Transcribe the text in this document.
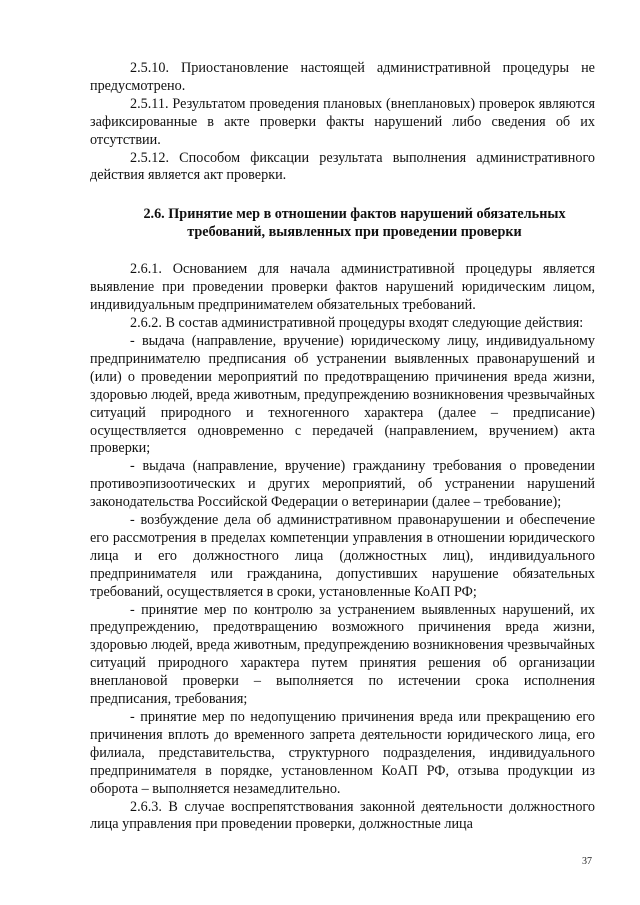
2.5.10. Приостановление настоящей административной процедуры не предусмотрено.

2.5.11. Результатом проведения плановых (внеплановых) проверок являются зафиксированные в акте проверки факты нарушений либо сведения об их отсутствии.

2.5.12. Способом фиксации результата выполнения административного действия является акт проверки.

2.6. Принятие мер в отношении фактов нарушений обязательных требований, выявленных при проведении проверки

2.6.1. Основанием для начала административной процедуры является выявление при проведении проверки фактов нарушений юридическим лицом, индивидуальным предпринимателем обязательных требований.

2.6.2. В состав административной процедуры входят следующие действия:

- выдача (направление, вручение) юридическому лицу, индивидуальному предпринимателю предписания об устранении выявленных правонарушений и (или) о проведении мероприятий по предотвращению причинения вреда жизни, здоровью людей, вреда животным, предупреждению возникновения чрезвычайных ситуаций природного и техногенного характера (далее – предписание) осуществляется одновременно с передачей (направлением, вручением) акта проверки;

- выдача (направление, вручение) гражданину требования о проведении противоэпизоотических и других мероприятий, об устранении нарушений законодательства Российской Федерации о ветеринарии (далее – требование);

- возбуждение дела об административном правонарушении и обеспечение его рассмотрения в пределах компетенции управления в отношении юридического лица и его должностного лица (должностных лиц), индивидуального предпринимателя или гражданина, допустивших нарушение обязательных требований, осуществляется в сроки, установленные КоАП РФ;

- принятие мер по контролю за устранением выявленных нарушений, их предупреждению, предотвращению возможного причинения вреда жизни, здоровью людей, вреда животным, предупреждению возникновения чрезвычайных ситуаций природного характера путем принятия решения об организации внеплановой проверки – выполняется по истечении срока исполнения предписания, требования;

- принятие мер по недопущению причинения вреда или прекращению его причинения вплоть до временного запрета деятельности юридического лица, его филиала, представительства, структурного подразделения, индивидуального предпринимателя в порядке, установленном КоАП РФ, отзыва продукции из оборота – выполняется незамедлительно.

2.6.3. В случае воспрепятствования законной деятельности должностного лица управления при проведении проверки, должностные лица

37
